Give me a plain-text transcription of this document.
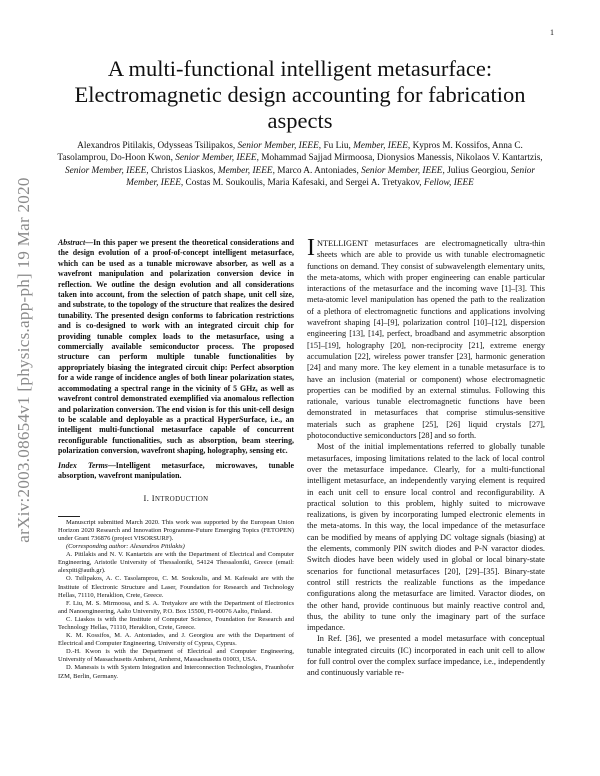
1
arXiv:2003.08654v1 [physics.app-ph] 19 Mar 2020
A multi-functional intelligent metasurface: Electromagnetic design accounting for fabrication aspects
Alexandros Pitilakis, Odysseas Tsilipakos, Senior Member, IEEE, Fu Liu, Member, IEEE, Kypros M. Kossifos, Anna C. Tasolamprou, Do-Hoon Kwon, Senior Member, IEEE, Mohammad Sajjad Mirmoosa, Dionysios Manessis, Nikolaos V. Kantartzis, Senior Member, IEEE, Christos Liaskos, Member, IEEE, Marco A. Antoniades, Senior Member, IEEE, Julius Georgiou, Senior Member, IEEE, Costas M. Soukoulis, Maria Kafesaki, and Sergei A. Tretyakov, Fellow, IEEE

Abstract—In this paper we present the theoretical considerations and the design evolution of a proof-of-concept intelligent metasurface, which can be used as a tunable microwave absorber, as well as a wavefront manipulation and polarization conversion device in reflection. We outline the design evolution and all considerations taken into account, from the selection of patch shape, unit cell size, and substrate, to the topology of the structure that realizes the desired tunability. The presented design conforms to fabrication restrictions and is co-designed to work with an integrated circuit chip for providing tunable complex loads to the metasurface, using a commercially available semiconductor process. The proposed structure can perform multiple tunable functionalities by appropriately biasing the integrated circuit chip: Perfect absorption for a wide range of incidence angles of both linear polarization states, accommodating a spectral range in the vicinity of 5 GHz, as well as wavefront control demonstrated exemplified via anomalous reflection and polarization conversion. The end vision is for this unit-cell design to be scalable and deployable as a practical HyperSurface, i.e., an intelligent multi-functional metasurface capable of concurrent reconfigurable functionalities, such as absorption, beam steering, polarization conversion, wavefront shaping, holography, sensing etc.

Index Terms—Intelligent metasurface, microwaves, tunable absorption, wavefront manipulation.

I. INTRODUCTION

Manuscript submitted March 2020. This work was supported by the European Union Horizon 2020 Research and Innovation Programme-Future Emerging Topics (FETOPEN) under Grant 736876 (project VISORSURF).

(Corresponding author: Alexandros Pitilakis)

A. Pitilakis and N. V. Kantartzis are with the Department of Electrical and Computer Engineering, Aristotle University of Thessaloniki, 54124 Thessaloniki, Greece (email: alexpiti@auth.gr).

O. Tsilipakos, A. C. Tasolamprou, C. M. Soukoulis, and M. Kafesaki are with the Institute of Electronic Structure and Laser, Foundation for Research and Technology Hellas, 71110, Heraklion, Crete, Greece.

F. Liu, M. S. Mirmoosa, and S. A. Tretyakov are with the Department of Electronics and Nanoengineering, Aalto University, P.O. Box 15500, FI-00076 Aalto, Finland.

C. Liaskos is with the Institute of Computer Science, Foundation for Research and Technology Hellas, 71110, Heraklion, Crete, Greece.

K. M. Kossifos, M. A. Antoniades, and J. Georgiou are with the Department of Electrical and Computer Engineering, University of Cyprus, Cyprus.

D.-H. Kwon is with the Department of Electrical and Computer Engineering, University of Massachusetts Amherst, Amherst, Massachusetts 01003, USA.

D. Manessis is with System Integration and Interconnection Technologies, Fraunhofer IZM, Berlin, Germany.

INTELLIGENT metasurfaces are electromagnetically ultra-thin sheets which are able to provide us with tunable electromagnetic functions on demand. They consist of subwavelength elementary units, the meta-atoms, which with proper engineering can enable particular interactions of the metasurface and the incoming wave [1]–[3]. This meta-atomic level manipulation has opened the path to the realization of a plethora of electromagnetic functions and applications involving wavefront shaping [4]–[9], polarization control [10]–[12], dispersion engineering [13], [14], perfect, broadband and asymmetric absorption [15]–[19], holography [20], non-reciprocity [21], extreme energy accumulation [22], wireless power transfer [23], harmonic generation [24] and many more. The key element in a tunable metasurface is to have an inclusion (material or component) whose electromagnetic properties can be modified by an external stimulus. Following this rationale, various tunable electromagnetic functions have been demonstrated in metasurfaces that comprise stimulus-sensitive materials such as graphene [25], [26] liquid crystals [27], photoconductive semiconductors [28] and so forth.

Most of the initial implementations referred to globally tunable metasurfaces, imposing limitations related to the lack of local control over the metasurface impedance. Clearly, for a multi-functional intelligent metasurface, an independently varying element is required in each unit cell to ensure local control and reconfigurability. A practical solution to this problem, highly suited to microwave realizations, is given by incorporating lumped electronic elements in the meta-atoms. In this way, the local impedance of the metasurface can be modified by means of applying DC voltage signals (biasing) at the elements, commonly PIN switch diodes and P-N varactor diodes. Switch diodes have been widely used in global or local binary-state scenarios for functional metasurfaces [20], [29]–[35]. Binary-state control still restricts the realizable functions as the impedance configurations along the metasurface are limited. Varactor diodes, on the other hand, provide continuous but mainly reactive control and, thus, the ability to tune only the imaginary part of the surface impedance.

In Ref. [36], we presented a model metasurface with conceptual tunable integrated circuits (IC) incorporated in each unit cell to allow for full control over the complex surface impedance, i.e., independently and continuously variable re-
